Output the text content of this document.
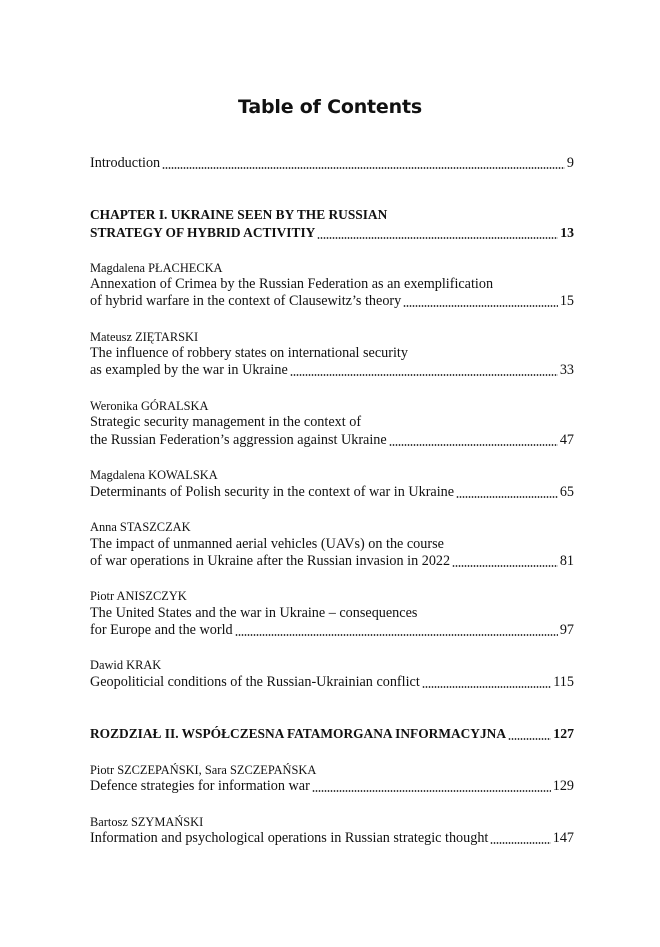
Table of Contents
Introduction	9
CHAPTER I. UKRAINE SEEN BY THE RUSSIAN
STRATEGY OF HYBRID ACTIVITIY	13
Magdalena PŁACHECKA
Annexation of Crimea by the Russian Federation as an exemplification
of hybrid warfare in the context of Clausewitz’s theory	15
Mateusz ZIĘTARSKI
The influence of robbery states on international security
as exampled by the war in Ukraine	33
Weronika GÓRALSKA
Strategic security management in the context of
the Russian Federation’s aggression against Ukraine	47
Magdalena KOWALSKA
Determinants of Polish security in the context of war in Ukraine	65
Anna STASZCZAK
The impact of unmanned aerial vehicles (UAVs) on the course
of war operations in Ukraine after the Russian invasion in 2022	81
Piotr ANISZCZYK
The United States and the war in Ukraine – consequences
for Europe and the world	97
Dawid KRAK
Geopoliticial conditions of the Russian-Ukrainian conflict	115
ROZDZIAŁ II. WSPÓŁCZESNA FATAMORGANA INFORMACYJNA	127
Piotr SZCZEPAŃSKI, Sara SZCZEPAŃSKA
Defence strategies for information war	129
Bartosz SZYMAŃSKI
Information and psychological operations in Russian strategic thought	147
